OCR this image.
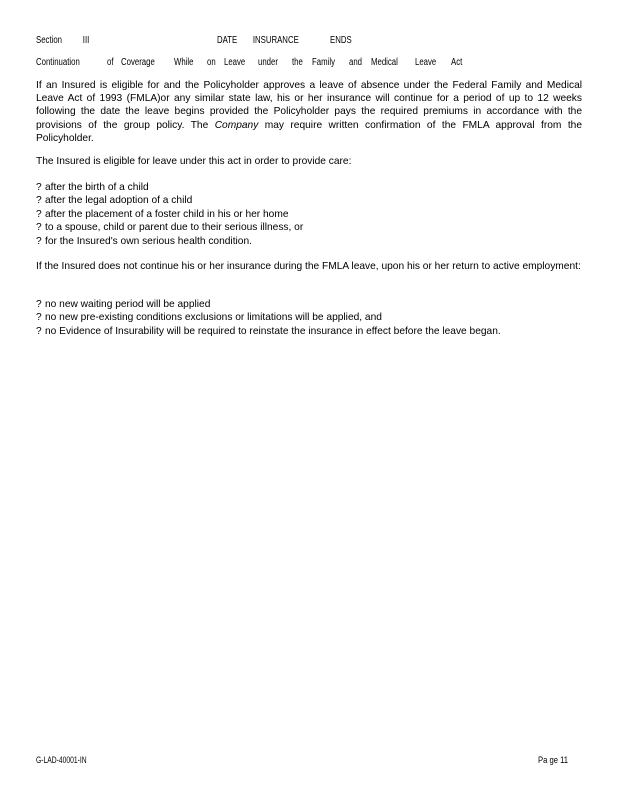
Section III	DATE INSURANCE	ENDS
Continuation	of Coverage While on Leave under the Family and Medical Leave Act
If an Insured is eligible for and the Policyholder approves a leave of absence under the Federal Family and Medical Leave Act of 1993 (FMLA)or any similar state law, his or her insurance will continue for a period of up to 12 weeks following the date the leave begins provided the Policyholder pays the required premiums in accordance with the provisions of the group policy. The Company may require written confirmation of the FMLA approval from the Policyholder.
The Insured is eligible for leave under this act in order to provide care:
? after the birth of a child
? after the legal adoption of a child
? after the placement of a foster child in his or her home
? to a spouse, child or parent due to their serious illness, or
? for the Insured's own serious health condition.
If the Insured does not continue his or her insurance during the FMLA leave, upon his or her return to active employment:
? no new waiting period will be applied
? no new pre-existing conditions exclusions or limitations will be applied, and
? no Evidence of Insurability will be required to reinstate the insurance in effect before the leave began.
G-LAD-40001-IN	Pa ge 11
